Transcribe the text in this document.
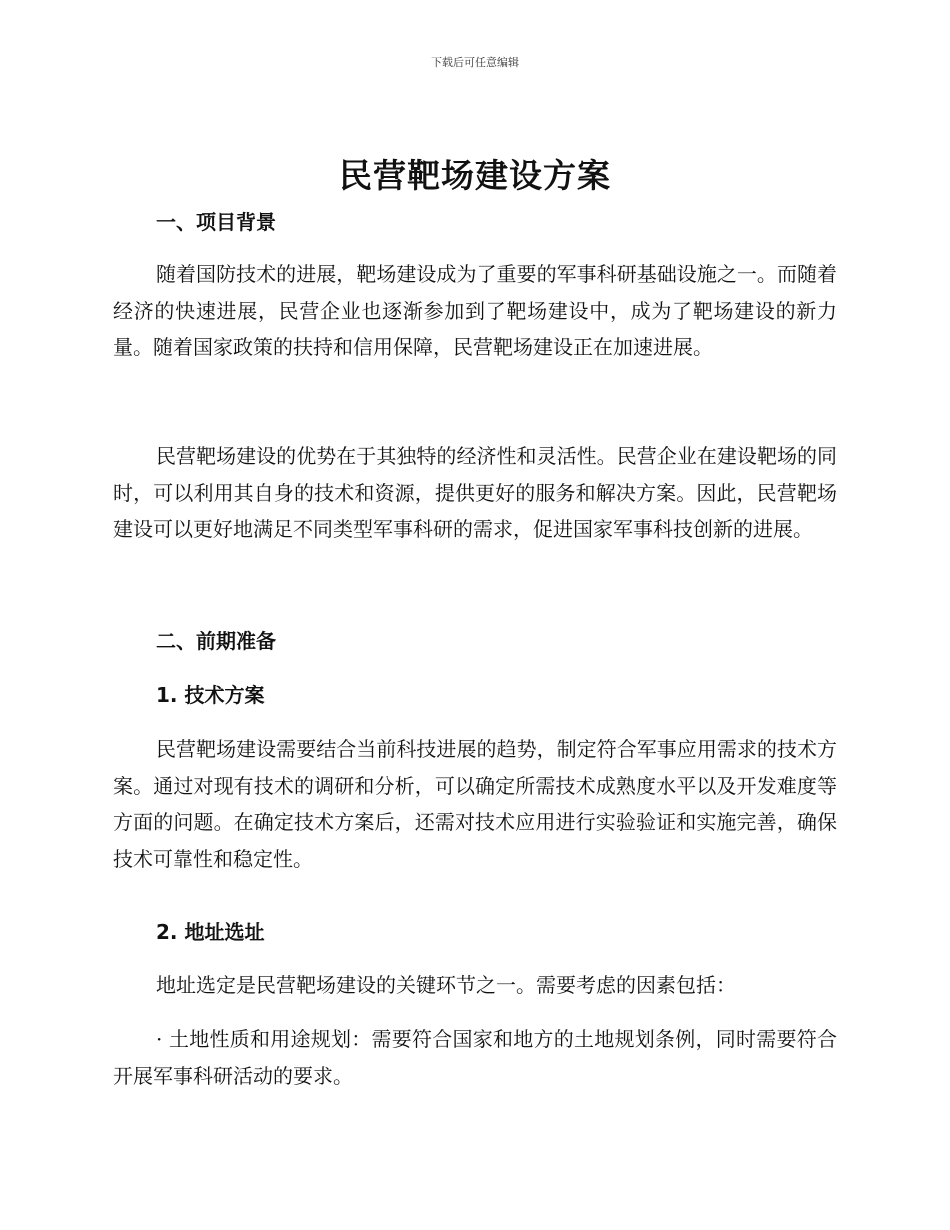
下载后可任意编辑
民营靶场建设方案
一、项目背景

随着国防技术的进展，靶场建设成为了重要的军事科研基础设施之一。而随着经济的快速进展，民营企业也逐渐参加到了靶场建设中，成为了靶场建设的新力量。随着国家政策的扶持和信用保障，民营靶场建设正在加速进展。

民营靶场建设的优势在于其独特的经济性和灵活性。民营企业在建设靶场的同时，可以利用其自身的技术和资源，提供更好的服务和解决方案。因此，民营靶场建设可以更好地满足不同类型军事科研的需求，促进国家军事科技创新的进展。

二、前期准备
1. 技术方案

民营靶场建设需要结合当前科技进展的趋势，制定符合军事应用需求的技术方案。通过对现有技术的调研和分析，可以确定所需技术成熟度水平以及开发难度等方面的问题。在确定技术方案后，还需对技术应用进行实验验证和实施完善，确保技术可靠性和稳定性。

2. 地址选址

地址选定是民营靶场建设的关键环节之一。需要考虑的因素包括：

· 土地性质和用途规划：需要符合国家和地方的土地规划条例，同时需要符合开展军事科研活动的要求。
